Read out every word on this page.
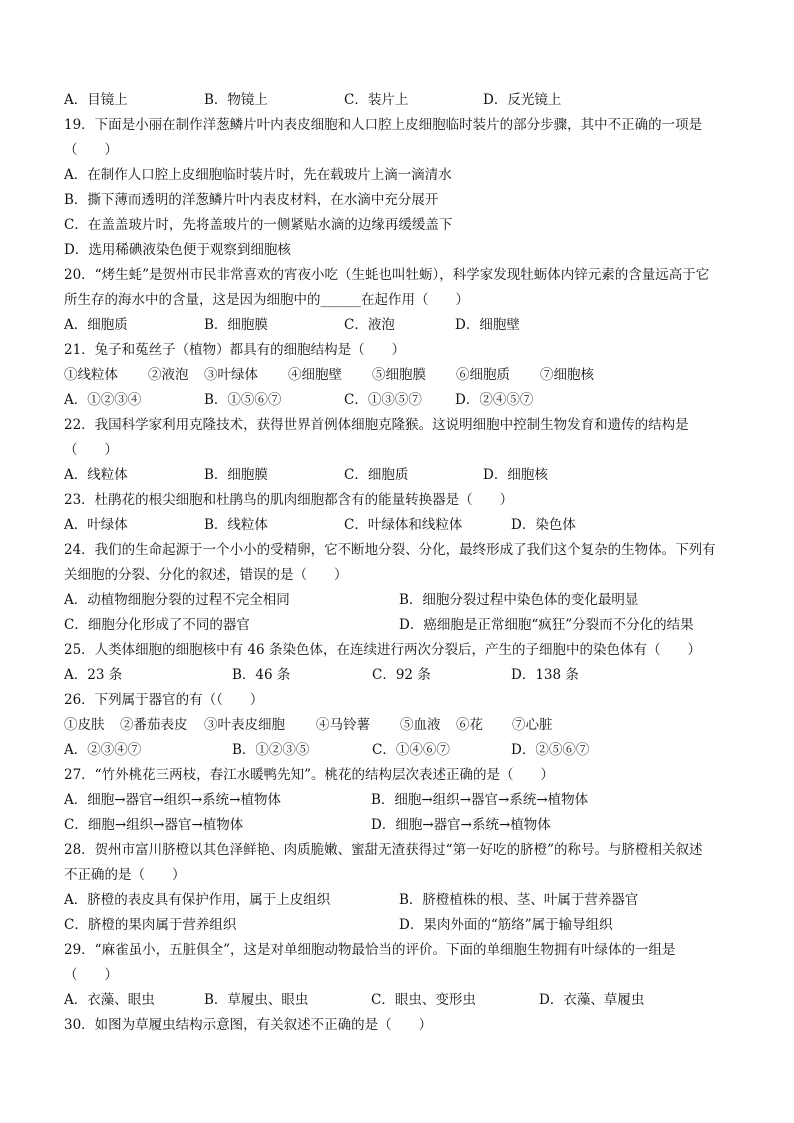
A．目镜上	B．物镜上	C．装片上	D．反光镜上
19．下面是小丽在制作洋葱鳞片叶内表皮细胞和人口腔上皮细胞临时装片的部分步骤，其中不正确的一项是
（　　）
A．在制作人口腔上皮细胞临时装片时，先在载玻片上滴一滴清水
B．撕下薄而透明的洋葱鳞片叶内表皮材料，在水滴中充分展开
C．在盖盖玻片时，先将盖玻片的一侧紧贴水滴的边缘再缓缓盖下
D．选用稀碘液染色便于观察到细胞核
20．“烤生蚝”是贺州市民非常喜欢的宵夜小吃（生蚝也叫牡蛎），科学家发现牡蛎体内锌元素的含量远高于它
所生存的海水中的含量，这是因为细胞中的______在起作用（　　）
A．细胞质	B．细胞膜	C．液泡	D．细胞壁
21．兔子和菟丝子（植物）都具有的细胞结构是（　　）
①线粒体 ②液泡 ③叶绿体 ④细胞壁 ⑤细胞膜 ⑥细胞质 ⑦细胞核
A．①②③④	B．①⑤⑥⑦	C．①③⑤⑦ D．②④⑤⑦
22．我国科学家利用克隆技术，获得世界首例体细胞克隆猴。这说明细胞中控制生物发育和遗传的结构是
（　　）
A．线粒体	B．细胞膜	C．细胞质	D．细胞核
23．杜鹃花的根尖细胞和杜鹃鸟的肌肉细胞都含有的能量转换器是（　　）
A．叶绿体	B．线粒体	C．叶绿体和线粒体	D．染色体
24．我们的生命起源于一个小小的受精卵，它不断地分裂、分化，最终形成了我们这个复杂的生物体。下列有
关细胞的分裂、分化的叙述，错误的是（　　）
A．动植物细胞分裂的过程不完全相同	B．细胞分裂过程中染色体的变化最明显
C．细胞分化形成了不同的器官	D．癌细胞是正常细胞“疯狂”分裂而不分化的结果
25．人类体细胞的细胞核中有 46 条染色体，在连续进行两次分裂后，产生的子细胞中的染色体有（　　）
A．23 条	B．46 条	C．92 条	D．138 条
26．下列属于器官的有（（　　）
①皮肤 ②番茄表皮 ③叶表皮细胞 ④马铃薯 ⑤血液 ⑥花 ⑦心脏
A．②③④⑦	B．①②③⑤	C．①④⑥⑦	D．②⑤⑥⑦
27．“竹外桃花三两枝，春江水暖鸭先知”。桃花的结构层次表述正确的是（　　）
A．细胞→器官→组织→系统→植物体	B．细胞→组织→器官→系统→植物体
C．细胞→组织→器官→植物体	D．细胞→器官→系统→植物体
28．贺州市富川脐橙以其色泽鲜艳、肉质脆嫩、蜜甜无渣获得过“第一好吃的脐橙”的称号。与脐橙相关叙述
不正确的是（　　）
A．脐橙的表皮具有保护作用，属于上皮组织	B．脐橙植株的根、茎、叶属于营养器官
C．脐橙的果肉属于营养组织	D．果肉外面的“筋络”属于输导组织
29．“麻雀虽小，五脏俱全”，这是对单细胞动物最恰当的评价。下面的单细胞生物拥有叶绿体的一组是
（　　）
A．衣藻、眼虫	B．草履虫、眼虫	C．眼虫、变形虫	D．衣藻、草履虫
30．如图为草履虫结构示意图，有关叙述不正确的是（　　）
